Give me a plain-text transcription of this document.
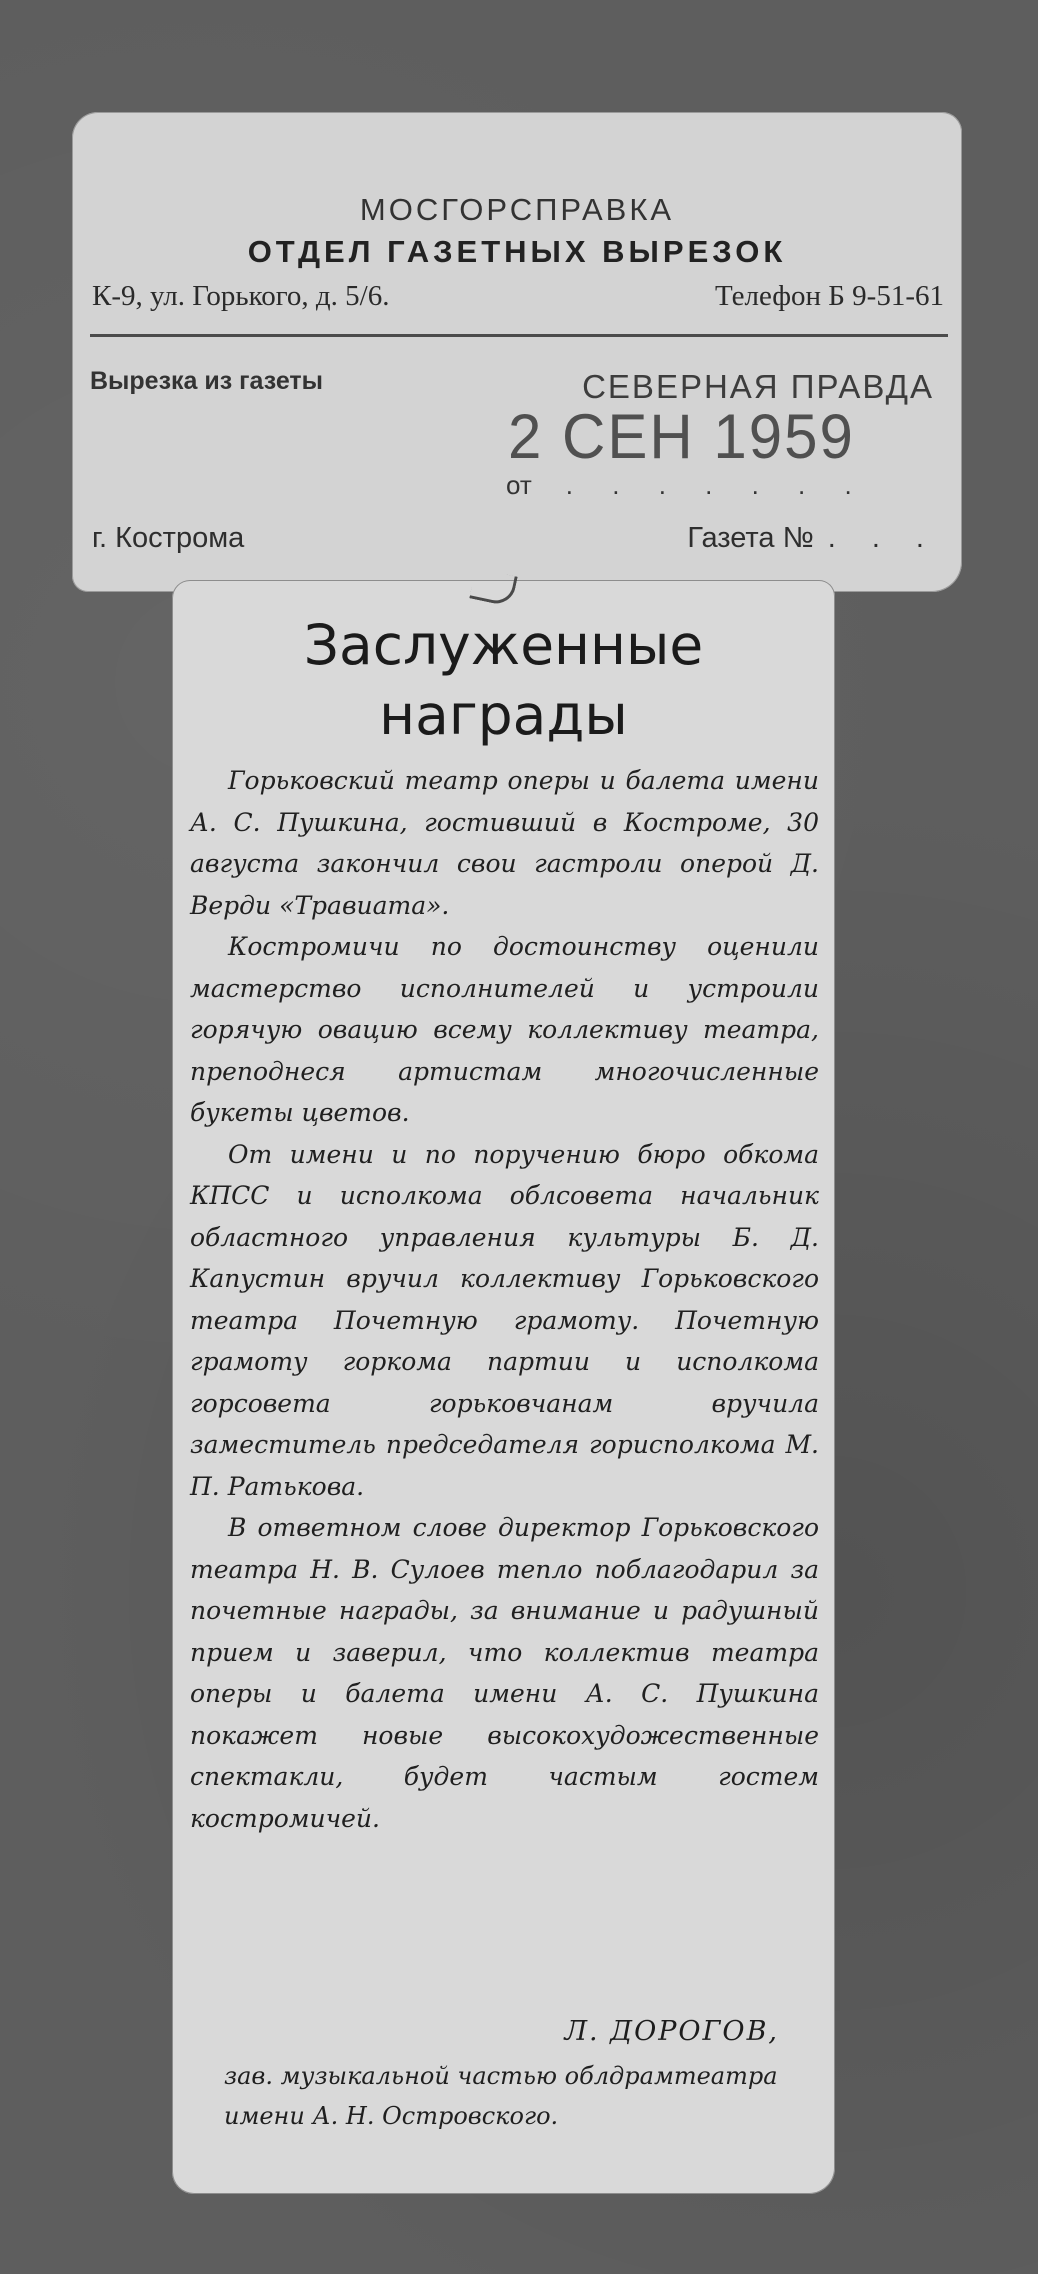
МОСГОРСПРАВКА
ОТДЕЛ ГАЗЕТНЫХ ВЫРЕЗОК
К-9, ул. Горького, д. 5/6.	Телефон Б 9-51-61
Вырезка из газеты	СЕВЕРНАЯ ПРАВДА
2 СЕН 1959
от . . . . . . .
г. Кострома	Газета № . . .
Заслуженные
награды

Горьковский театр оперы и балета имени А. С. Пушкина, гостивший в Костроме, 30 августа закончил свои гастроли оперой Д. Верди «Травиата».

Костромичи по достоинству оценили мастерство исполнителей и устроили горячую овацию всему коллективу театра, преподнеся артистам многочисленные букеты цветов.

От имени и по поручению бюро обкома КПСС и исполкома облсовета начальник областного управления культуры Б. Д. Капустин вручил коллективу Горьковского театра Почетную грамоту. Почетную грамоту горкома партии и исполкома горсовета горьковчанам вручила заместитель председателя горисполкома М. П. Ратькова.

В ответном слове директор Горьковского театра Н. В. Сулоев тепло поблагодарил за почетные награды, за внимание и радушный прием и заверил, что коллектив театра оперы и балета имени А. С. Пушкина покажет новые высокохудожественные спектакли, будет частым гостем костромичей.

Л. ДОРОГОВ,
зав. музыкальной частью облдрамтеатра имени А. Н. Островского.
